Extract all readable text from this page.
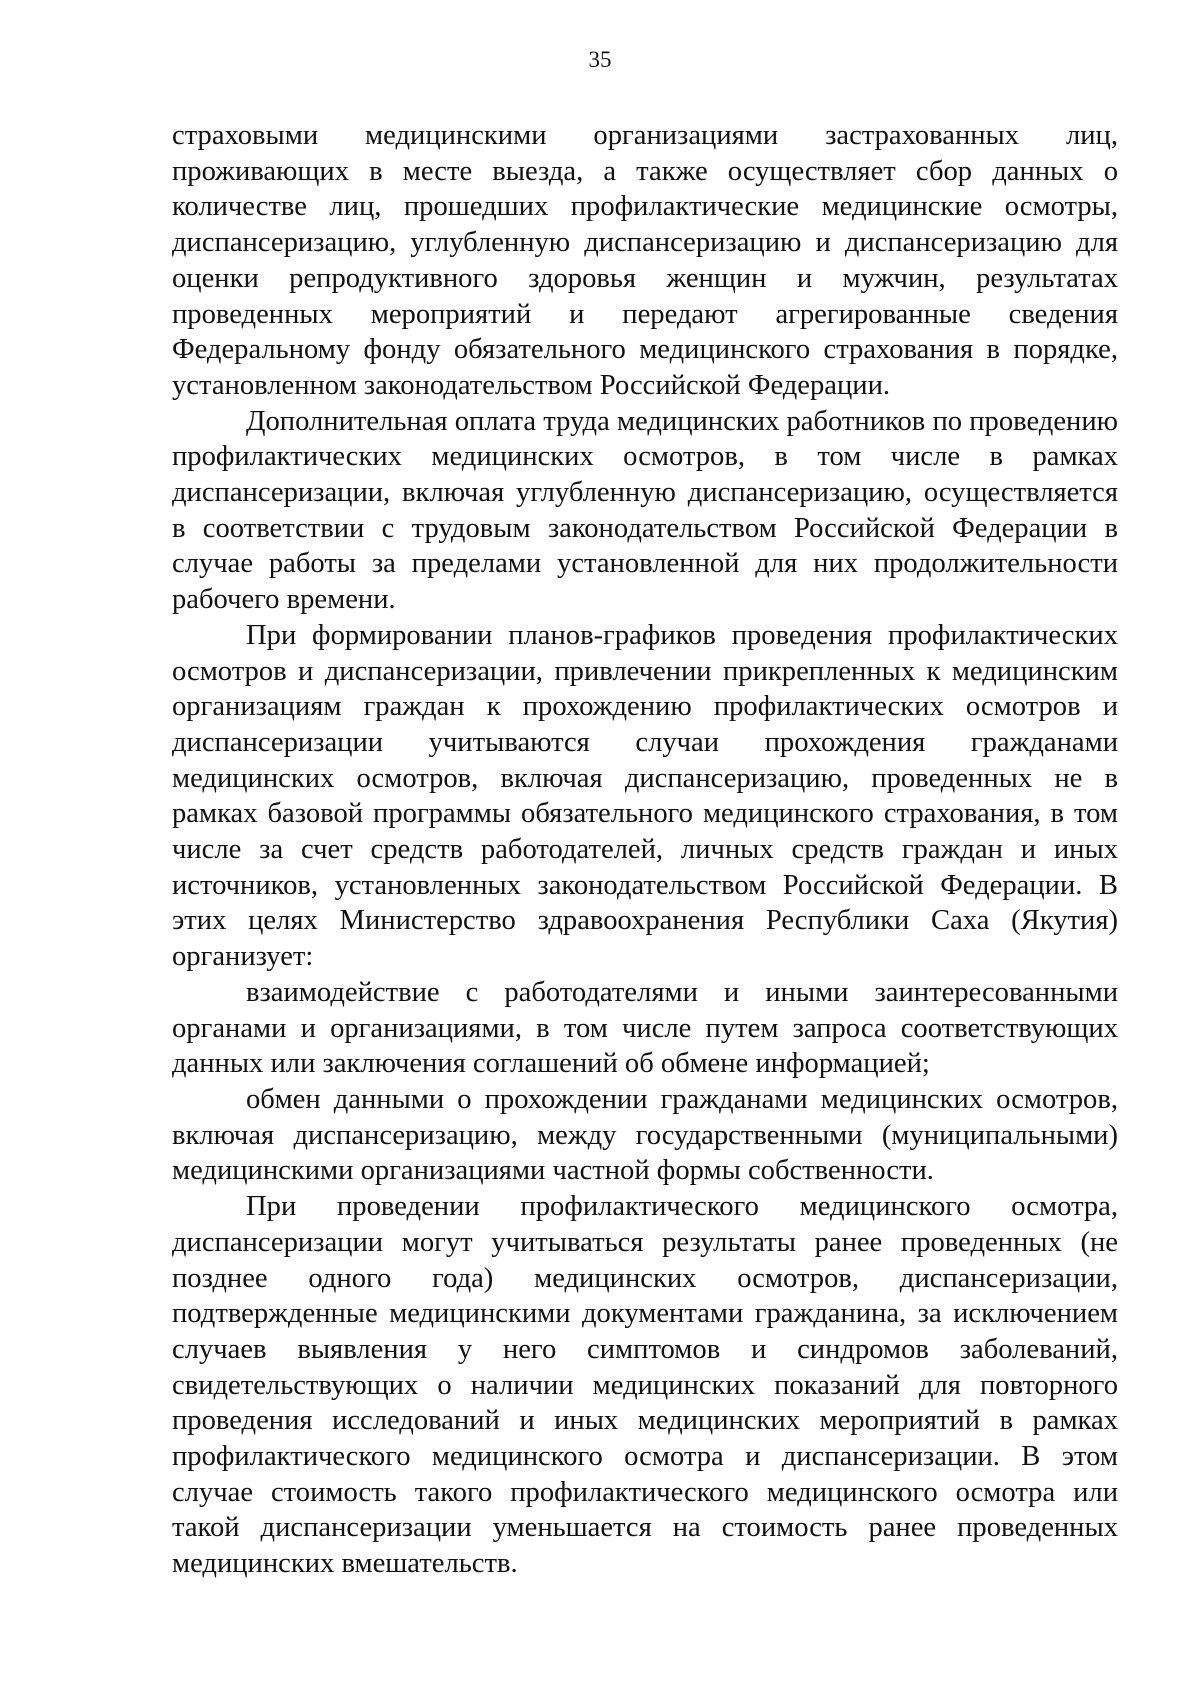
35

страховыми медицинскими организациями застрахованных лиц, проживающих в месте выезда, а также осуществляет сбор данных о количестве лиц, прошедших профилактические медицинские осмотры, диспансеризацию, углубленную диспансеризацию и диспансеризацию для оценки репродуктивного здоровья женщин и мужчин, результатах проведенных мероприятий и передают агрегированные сведения Федеральному фонду обязательного медицинского страхования в порядке, установленном законодательством Российской Федерации.

Дополнительная оплата труда медицинских работников по проведению профилактических медицинских осмотров, в том числе в рамках диспансеризации, включая углубленную диспансеризацию, осуществляется в соответствии с трудовым законодательством Российской Федерации в случае работы за пределами установленной для них продолжительности рабочего времени.

При формировании планов-графиков проведения профилактических осмотров и диспансеризации, привлечении прикрепленных к медицинским организациям граждан к прохождению профилактических осмотров и диспансеризации учитываются случаи прохождения гражданами медицинских осмотров, включая диспансеризацию, проведенных не в рамках базовой программы обязательного медицинского страхования, в том числе за счет средств работодателей, личных средств граждан и иных источников, установленных законодательством Российской Федерации. В этих целях Министерство здравоохранения Республики Саха (Якутия) организует:

взаимодействие с работодателями и иными заинтересованными органами и организациями, в том числе путем запроса соответствующих данных или заключения соглашений об обмене информацией;

обмен данными о прохождении гражданами медицинских осмотров, включая диспансеризацию, между государственными (муниципальными) медицинскими организациями частной формы собственности.

При проведении профилактического медицинского осмотра, диспансеризации могут учитываться результаты ранее проведенных (не позднее одного года) медицинских осмотров, диспансеризации, подтвержденные медицинскими документами гражданина, за исключением случаев выявления у него симптомов и синдромов заболеваний, свидетельствующих о наличии медицинских показаний для повторного проведения исследований и иных медицинских мероприятий в рамках профилактического медицинского осмотра и диспансеризации. В этом случае стоимость такого профилактического медицинского осмотра или такой диспансеризации уменьшается на стоимость ранее проведенных медицинских вмешательств.
